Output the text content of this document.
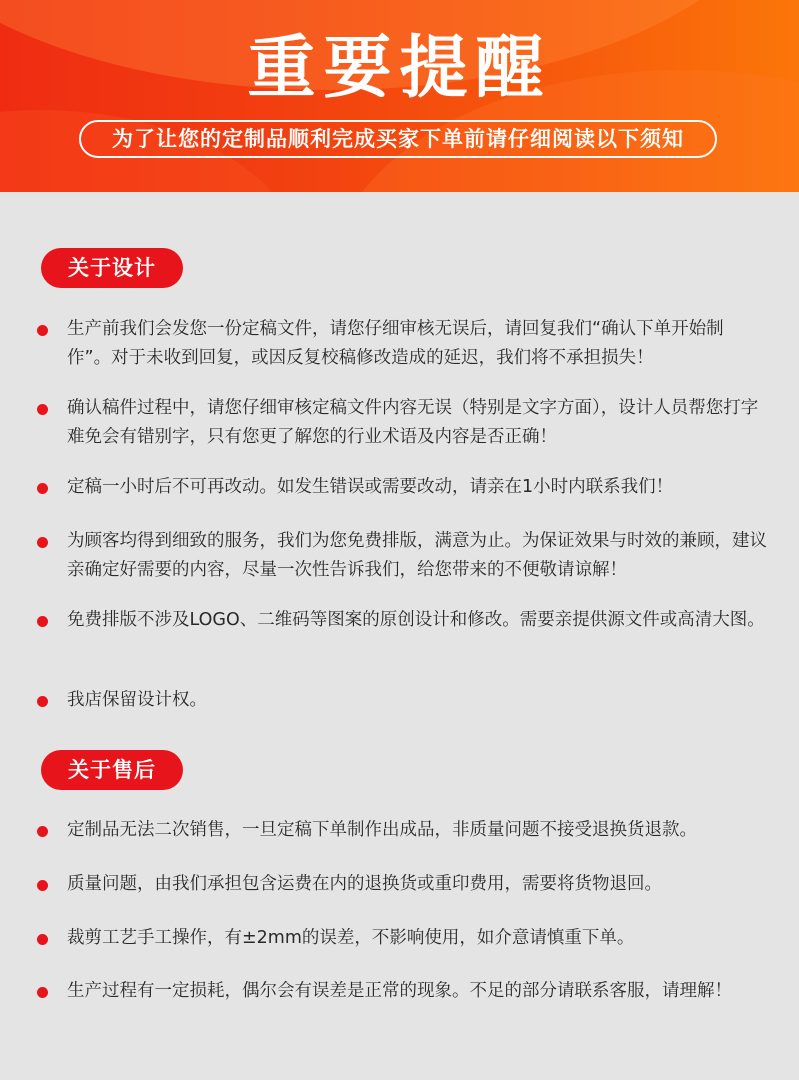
重要提醒
为了让您的定制品顺利完成买家下单前请仔细阅读以下须知
关于设计
生产前我们会发您一份定稿文件，请您仔细审核无误后，请回复我们“确认下单开始制作”。对于未收到回复，或因反复校稿修改造成的延迟，我们将不承担损失！
确认稿件过程中，请您仔细审核定稿文件内容无误（特别是文字方面），设计人员帮您打字难免会有错别字，只有您更了解您的行业术语及内容是否正确！
定稿一小时后不可再改动。如发生错误或需要改动，请亲在1小时内联系我们！
为顾客均得到细致的服务，我们为您免费排版，满意为止。为保证效果与时效的兼顾，建议亲确定好需要的内容，尽量一次性告诉我们，给您带来的不便敬请谅解！
免费排版不涉及LOGO、二维码等图案的原创设计和修改。需要亲提供源文件或高清大图。
我店保留设计权。
关于售后
定制品无法二次销售，一旦定稿下单制作出成品，非质量问题不接受退换货退款。
质量问题，由我们承担包含运费在内的退换货或重印费用，需要将货物退回。
裁剪工艺手工操作，有±2mm的误差，不影响使用，如介意请慎重下单。
生产过程有一定损耗，偶尔会有误差是正常的现象。不足的部分请联系客服，请理解！
